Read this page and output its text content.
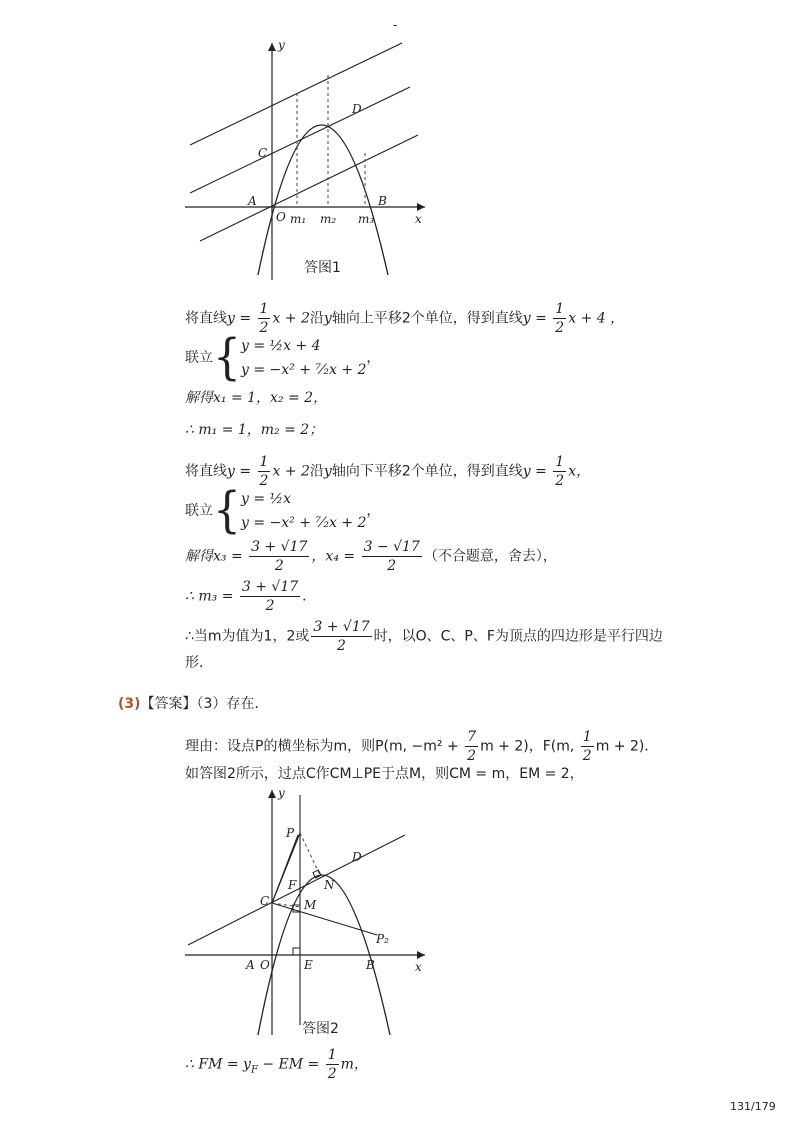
-
y
x
C
D
A
O
B
m₁ m₂ m₃
答图1
将直线$y = \frac{1}{2}$ x + 2沿y轴向上平移2个单位，得到直线$y = \frac{1}{2}$ x + 4 ，
联立{ y = ½x + 4
y = −x² + ⁷⁄₂x + 2
，
解得x₁ = 1，x₂ = 2，
∴ m₁ = 1，m₂ = 2；
将直线$y = \frac{1}{2}$ x + 2沿y轴向下平移2个单位，得到直线$y = \frac{1}{2}$ x，
联立{ y = ½x
y = −x² + ⁷⁄₂x + 2
，
解得$x_3 = \frac{3 + √17}{2}$ ，$x_4 = \frac{3 - √17}{2}$ （不合题意，舍去），
∴ $m_3 = \frac{3 + √17}{2}$ ．
∴当m为值为1，2或 $\frac{3 + √17}{2}$ 时，以O、C、P、F为顶点的四边形是平行四边
形．
(3)【答案】（3）存在．
理由：设点P的横坐标为m，则P(m, $-m^2 + \frac{7}{2}$ m + 2)，F(m, $\frac{1}{2}$ m + 2)．
如答图2所示，过点C作CM⊥PE于点M，则CM = m，EM = 2，
y
x
P
D
F N
C	M
P₂
A O	E	B
答图2
∴ FM = $y_F$ − EM = $\frac{1}{2}$ m，
131/179
